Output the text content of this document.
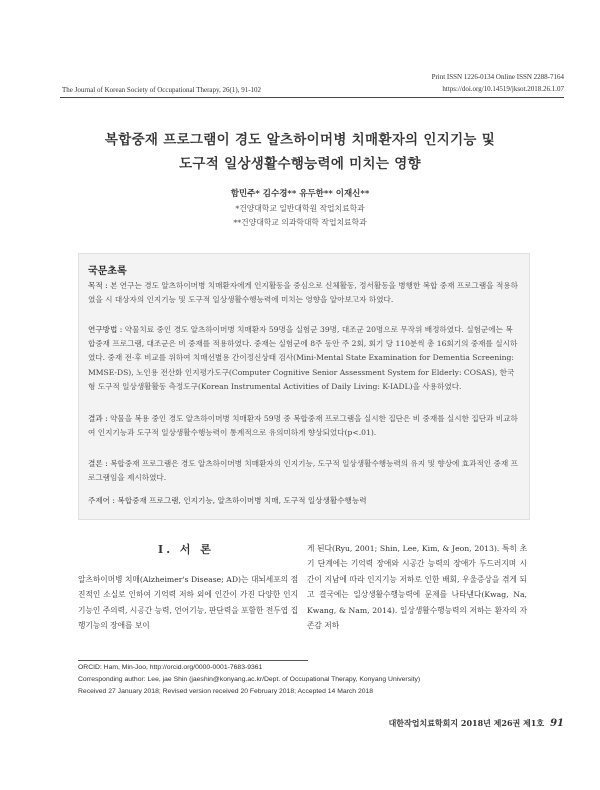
Print ISSN 1226-0134 Online ISSN 2288-7164
https://doi.org/10.14519/jksot.2018.26.1.07
The Journal of Korean Society of Occupational Therapy, 26(1), 91-102
복합중재 프로그램이 경도 알츠하이머병 치매환자의 인지기능 및
도구적 일상생활수행능력에 미치는 영향
함민주* 김수경** 유두한** 이재신**
*건양대학교 일반대학원 작업치료학과
**건양대학교 의과학대학 작업치료학과
국문초록
목적 : 본 연구는 경도 알츠하이머병 치매환자에게 인지활동을 중심으로 신체활동, 정서활동을 병행한 복합 중재 프로그램을 적용하였을 시 대상자의 인지기능 및 도구적 일상생활수행능력에 미치는 영향을 알아보고자 하였다.
연구방법 : 약물치료 중인 경도 알츠하이머병 치매환자 59명을 실험군 39명, 대조군 20명으로 무작위 배정하였다. 실험군에는 복합중재 프로그램, 대조군은 비 중재를 적용하였다. 중재는 실험군에 8주 동안 주 2회, 회기 당 110분씩 총 16회기의 중재를 실시하였다. 중재 전·후 비교를 위하여 치매선별용 간이정신상태 검사(Mini-Mental State Examination for Dementia Screening: MMSE-DS), 노인용 전산화 인지평가도구(Computer Cognitive Senior Assessment System for Elderly: COSAS), 한국형 도구적 일상생활활동 측정도구(Korean Instrumental Activities of Daily Living: K-IADL)을 사용하였다.
결과 : 약물을 복용 중인 경도 알츠하이머병 치매환자 59명 중 복합중재 프로그램을 실시한 집단은 비 중재를 실시한 집단과 비교하여 인지기능과 도구적 일상생활수행능력이 통계적으로 유의미하게 향상되었다(p<.01).
결론 : 복합중재 프로그램은 경도 알츠하이머병 치매환자의 인지기능, 도구적 일상생활수행능력의 유지 및 향상에 효과적인 중재 프로그램임을 제시하였다.
주제어 : 복합중재 프로그램, 인지기능, 알츠하이머병 치매, 도구적 일상생활수행능력
Ⅰ. 서 론
알츠하이머병 치매(Alzheimer's Disease; AD)는 대뇌세포의 점진적인 소실로 인하여 기억력 저하 외에 인간이 가진 다양한 인지기능인 주의력, 시공간 능력, 언어기능, 판단력을 포함한 전두엽 집행기능의 장애를 보이
게 된다(Ryu, 2001; Shin, Lee, Kim, & Jeon, 2013). 특히 초기 단계에는 기억력 장애와 시공간 능력의 장애가 두드러지며 시간이 지남에 따라 인지기능 저하로 인한 배회, 우울증상을 겪게 되고 결국에는 일상생활수행능력에 문제를 나타낸다(Kwag, Na, Kwang, & Nam, 2014). 일상생활수행능력의 저하는 환자의 자존감 저하
ORCID: Ham, Min-Joo, http://orcid.org/0000-0001-7683-9361
Corresponding author: Lee, jae Shin (jaeshin@konyang.ac.kr/Dept. of Occupational Therapy, Konyang University)
Received 27 January 2018; Revised version received 20 February 2018; Accepted 14 March 2018
대한작업치료학회지 2018년 제26권 제1호 91
